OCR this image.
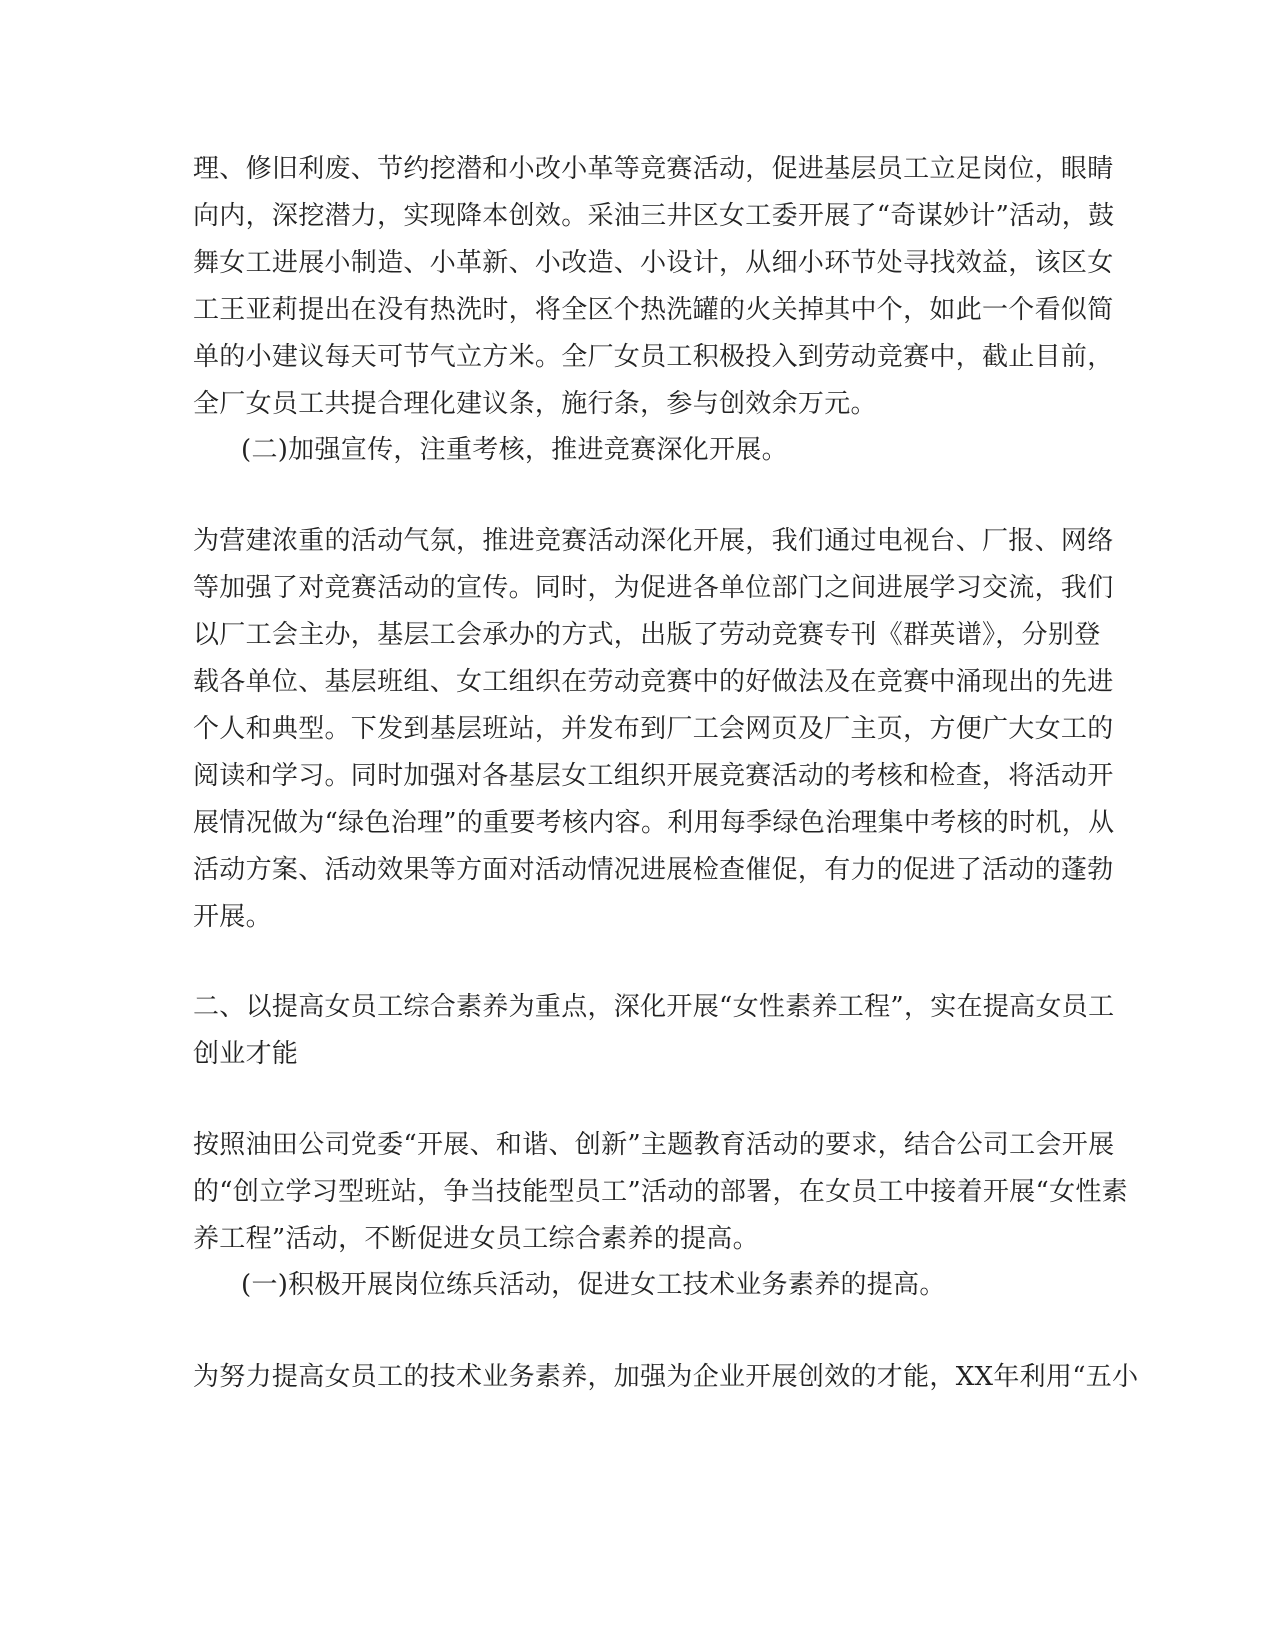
理、修旧利废、节约挖潜和小改小革等竞赛活动，促进基层员工立足岗位，眼睛
向内，深挖潜力，实现降本创效。采油三井区女工委开展了“奇谋妙计”活动，鼓
舞女工进展小制造、小革新、小改造、小设计，从细小环节处寻找效益，该区女
工王亚莉提出在没有热洗时，将全区个热洗罐的火关掉其中个，如此一个看似简
单的小建议每天可节气立方米。全厂女员工积极投入到劳动竞赛中，截止目前，
全厂女员工共提合理化建议条，施行条，参与创效余万元。
(二)加强宣传，注重考核，推进竞赛深化开展。
为营建浓重的活动气氛，推进竞赛活动深化开展，我们通过电视台、厂报、网络
等加强了对竞赛活动的宣传。同时，为促进各单位部门之间进展学习交流，我们
以厂工会主办，基层工会承办的方式，出版了劳动竞赛专刊《群英谱》，分别登
载各单位、基层班组、女工组织在劳动竞赛中的好做法及在竞赛中涌现出的先进
个人和典型。下发到基层班站，并发布到厂工会网页及厂主页，方便广大女工的
阅读和学习。同时加强对各基层女工组织开展竞赛活动的考核和检查，将活动开
展情况做为“绿色治理”的重要考核内容。利用每季绿色治理集中考核的时机，从
活动方案、活动效果等方面对活动情况进展检查催促，有力的促进了活动的蓬勃
开展。
二、以提高女员工综合素养为重点，深化开展“女性素养工程”，实在提高女员工
创业才能
按照油田公司党委“开展、和谐、创新”主题教育活动的要求，结合公司工会开展
的“创立学习型班站，争当技能型员工”活动的部署，在女员工中接着开展“女性素
养工程”活动，不断促进女员工综合素养的提高。
(一)积极开展岗位练兵活动，促进女工技术业务素养的提高。
为努力提高女员工的技术业务素养，加强为企业开展创效的才能，XX年利用“五小
